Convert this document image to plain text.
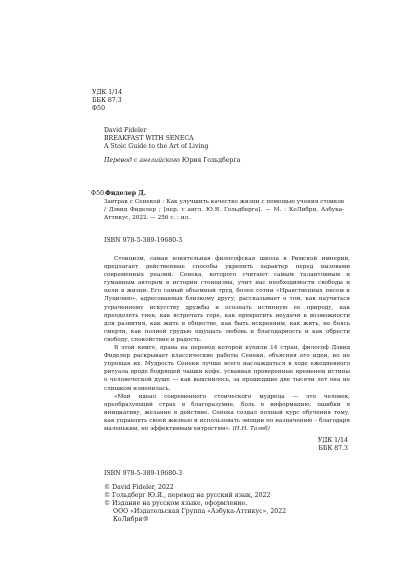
УДК 1/14
ББК 87.3
Ф50
David Fideler
BREAKFAST WITH SENECA
A Stoic Guide to the Art of Living
Перевод с английского Юрия Гольдберга
Ф50 Фиделер Д.
Завтрак с Сенекой : Как улучшить качество жизни с помощью учения стоиков / Дэвид Фиделер ; [пер. с англ. Ю.Я. Гольдберга]. — М. : КоЛибри, Азбука-Аттикус, 2022. — 256 с. : ил.
ISBN 978-5-389-19680-3

Стоицизм, самая влиятельная философская школа в Римской империи, предлагает действенные способы укрепить характер перед вызовами современных реалий. Сенека, которого считают самым талантливым и гуманным автором в истории стоицизма, учит нас необходимости свободы и цели в жизни. Его самый объемный труд, более сотни «Нравственных писем к Луцилию», адресованных близкому другу, рассказывает о том, как научиться утраченному искусству дружбы и осознать истинную ее природу, как преодолеть гнев, как встречать горе, как превратить неудачи в возможности для развития, как жить в обществе, как быть искренним, как жить, не боясь смерти, как полной грудью ощущать любовь и благодарность и как обрести свободу, спокойствие и радость.

В этой книге, права на перевод которой купили 14 стран, философ Дэвид Фиделер раскрывает классические работы Сенеки, объясняя его идеи, но не упрощая их. Мудрость Сенеки лучше всего наслаждаться в ходе ежедневного ритуала вроде бодрящей чашки кофе. усваивая проверенные временем истины о человеческой душе — как выяснилось, за прошедшие две тысячи лет она не слишком изменилась.

«Мой идеал современного стоического мудреца — это человек, преобразующий страх в благоразумие, боль в информацию, ошибки в инициативу, желание в действие. Сенека создал полный курс обучения тому, как управлять своей жизнью и использовать эмоции по назначению – благодаря маленьким, но эффективным хитростям». (Н.Н. Талеб)

УДК 1/14
ББК 87.3
ISBN 978-5-389-19680-3
© David Fideler, 2022
© Гольдберг Ю.Я., перевод на русский язык, 2022
© Издание на русском языке, оформление.
ООО «Издательская Группа «Азбука-Аттикус», 2022
КоЛибри®
